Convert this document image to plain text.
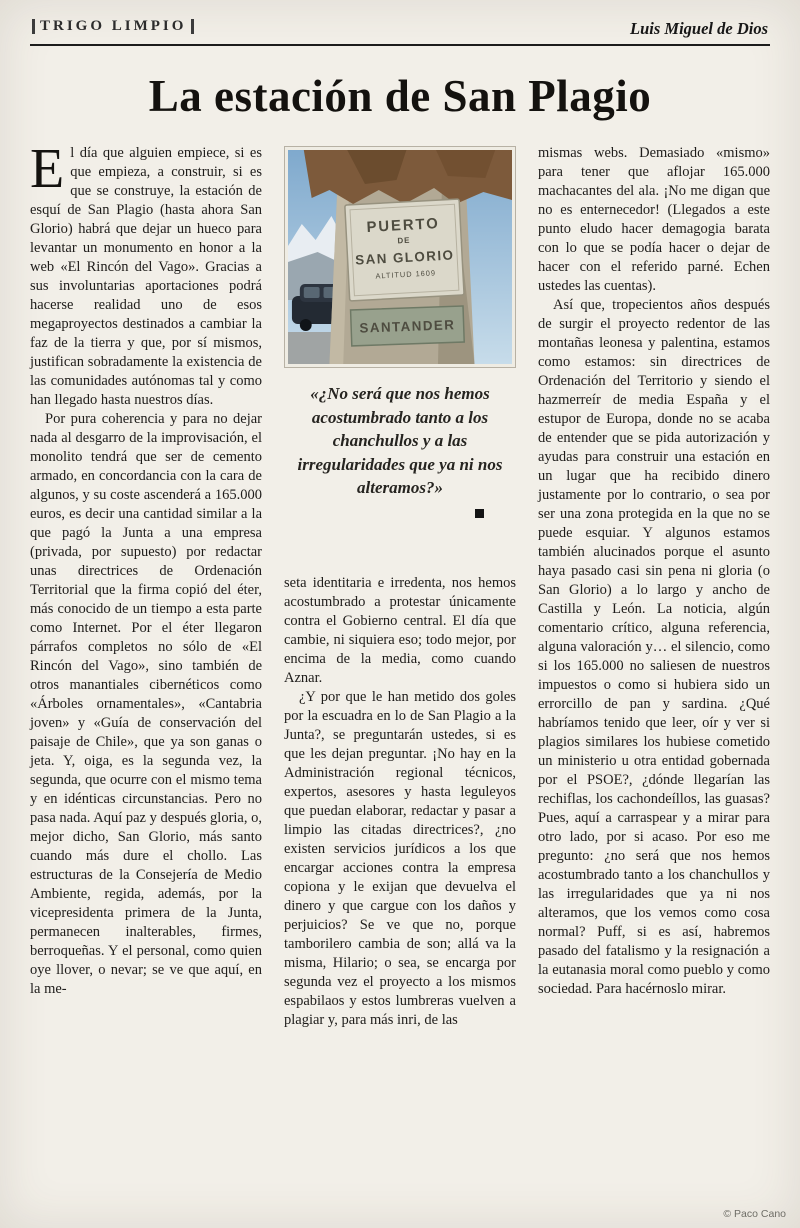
TRIGO LIMPIO	Luis Miguel de Dios
La estación de San Plagio

El día que alguien empiece, si es que empieza, a construir, si es que se construye, la estación de esquí de San Plagio (hasta ahora San Glorio) habrá que dejar un hueco para levantar un monumento en honor a la web «El Rincón del Vago». Gracias a sus involuntarias aportaciones podrá hacerse realidad uno de esos megaproyectos destinados a cambiar la faz de la tierra y que, por sí mismos, justifican sobradamente la existencia de las comunidades autónomas tal y como han llegado hasta nuestros días.

Por pura coherencia y para no dejar nada al desgarro de la improvisación, el monolito tendrá que ser de cemento armado, en concordancia con la cara de algunos, y su coste ascenderá a 165.000 euros, es decir una cantidad similar a la que pagó la Junta a una empresa (privada, por supuesto) por redactar unas directrices de Ordenación Territorial que la firma copió del éter, más conocido de un tiempo a esta parte como Internet. Por el éter llegaron párrafos completos no sólo de «El Rincón del Vago», sino también de otros manantiales cibernéticos como «Árboles ornamentales», «Cantabria joven» y «Guía de conservación del paisaje de Chile», que ya son ganas o jeta. Y, oiga, es la segunda vez, la segunda, que ocurre con el mismo tema y en idénticas circunstancias. Pero no pasa nada. Aquí paz y después gloria, o, mejor dicho, San Glorio, más santo cuando más dure el chollo. Las estructuras de la Consejería de Medio Ambiente, regida, además, por la vicepresidenta primera de la Junta, permanecen inalterables, firmes, berroqueñas. Y el personal, como quien oye llover, o nevar; se ve que aquí, en la me-

PUERTO
DE
SAN GLORIO
ALTITUD 1609
SANTANDER
«¿No será que nos hemos acostumbrado tanto a los chanchullos y a las irregularidades que ya ni nos alteramos?»

seta identitaria e irredenta, nos hemos acostumbrado a protestar únicamente contra el Gobierno central. El día que cambie, ni siquiera eso; todo mejor, por encima de la media, como cuando Aznar.

¿Y por que le han metido dos goles por la escuadra en lo de San Plagio a la Junta?, se preguntarán ustedes, si es que les dejan preguntar. ¡No hay en la Administración regional técnicos, expertos, asesores y hasta leguleyos que puedan elaborar, redactar y pasar a limpio las citadas directrices?, ¿no existen servicios jurídicos a los que encargar acciones contra la empresa copiona y le exijan que devuelva el dinero y que cargue con los daños y perjuicios? Se ve que no, porque tamborilero cambia de son; allá va la misma, Hilario; o sea, se encarga por segunda vez el proyecto a los mismos espabilaos y estos lumbreras vuelven a plagiar y, para más inri, de las

mismas webs. Demasiado «mismo» para tener que aflojar 165.000 machacantes del ala. ¡No me digan que no es enternecedor! (Llegados a este punto eludo hacer demagogia barata con lo que se podía hacer o dejar de hacer con el referido parné. Echen ustedes las cuentas).

Así que, tropecientos años después de surgir el proyecto redentor de las montañas leonesa y palentina, estamos como estamos: sin directrices de Ordenación del Territorio y siendo el hazmerreír de media España y el estupor de Europa, donde no se acaba de entender que se pida autorización y ayudas para construir una estación en un lugar que ha recibido dinero justamente por lo contrario, o sea por ser una zona protegida en la que no se puede esquiar. Y algunos estamos también alucinados porque el asunto haya pasado casi sin pena ni gloria (o San Glorio) a lo largo y ancho de Castilla y León. La noticia, algún comentario crítico, alguna referencia, alguna valoración y… el silencio, como si los 165.000 no saliesen de nuestros impuestos o como si hubiera sido un errorcillo de pan y sardina. ¿Qué habríamos tenido que leer, oír y ver si plagios similares los hubiese cometido un ministerio u otra entidad gobernada por el PSOE?, ¿dónde llegarían las rechiflas, los cachondeíllos, las guasas? Pues, aquí a carraspear y a mirar para otro lado, por si acaso. Por eso me pregunto: ¿no será que nos hemos acostumbrado tanto a los chanchullos y las irregularidades que ya ni nos alteramos, que los vemos como cosa normal? Puff, si es así, habremos pasado del fatalismo y la resignación a la eutanasia moral como pueblo y como sociedad. Para hacérnoslo mirar.

© Paco Cano
